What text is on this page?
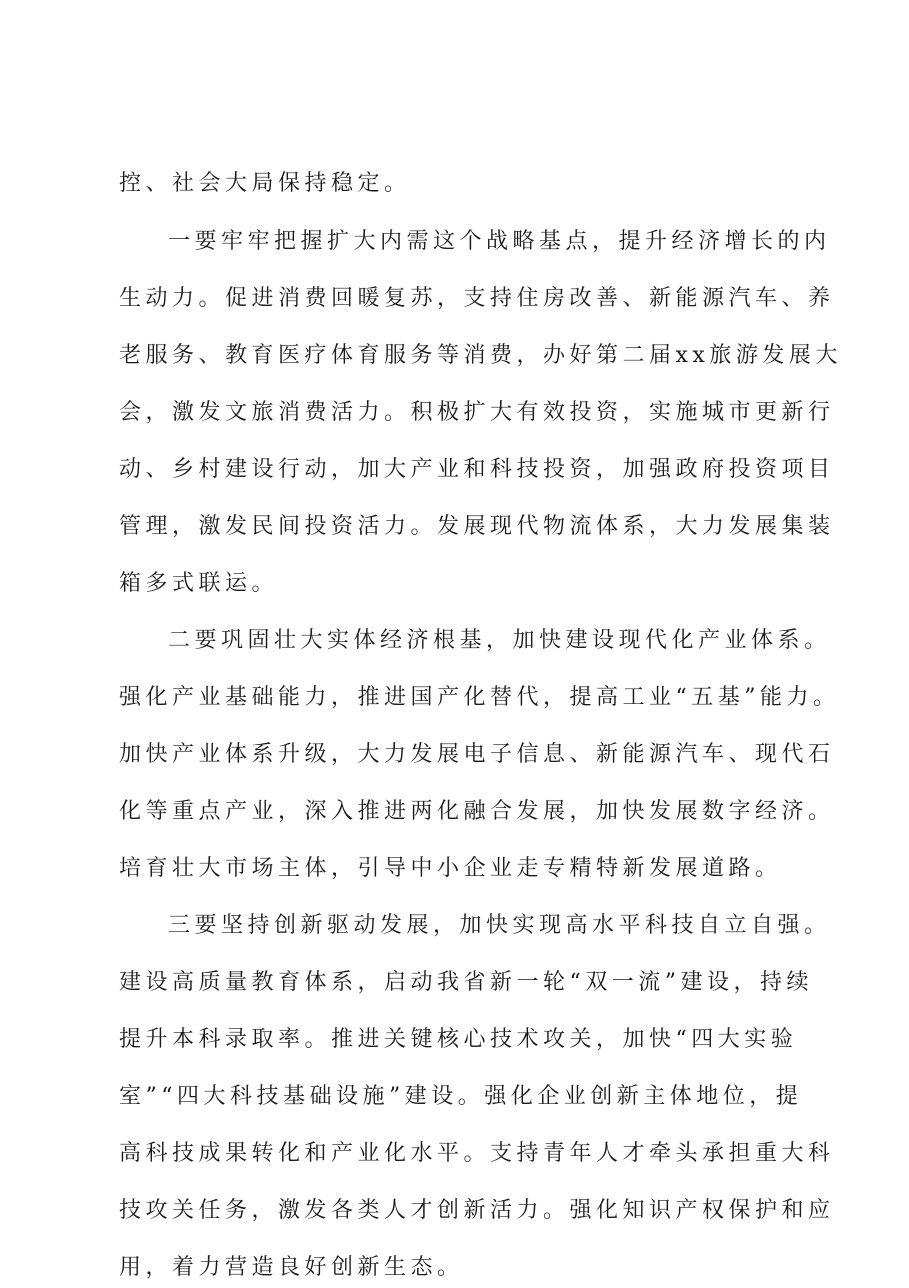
控、社会大局保持稳定。

一要牢牢把握扩大内需这个战略基点，提升经济增长的内

生动力。促进消费回暖复苏，支持住房改善、新能源汽车、养

老服务、教育医疗体育服务等消费，办好第二届xx旅游发展大

会，激发文旅消费活力。积极扩大有效投资，实施城市更新行

动、乡村建设行动，加大产业和科技投资，加强政府投资项目

管理，激发民间投资活力。发展现代物流体系，大力发展集装

箱多式联运。

二要巩固壮大实体经济根基，加快建设现代化产业体系。

强化产业基础能力，推进国产化替代，提高工业“五基”能力。

加快产业体系升级，大力发展电子信息、新能源汽车、现代石

化等重点产业，深入推进两化融合发展，加快发展数字经济。

培育壮大市场主体，引导中小企业走专精特新发展道路。

三要坚持创新驱动发展，加快实现高水平科技自立自强。

建设高质量教育体系，启动我省新一轮“双一流”建设，持续

提升本科录取率。推进关键核心技术攻关，加快“四大实验

室”“四大科技基础设施”建设。强化企业创新主体地位，提

高科技成果转化和产业化水平。支持青年人才牵头承担重大科

技攻关任务，激发各类人才创新活力。强化知识产权保护和应

用，着力营造良好创新生态。
